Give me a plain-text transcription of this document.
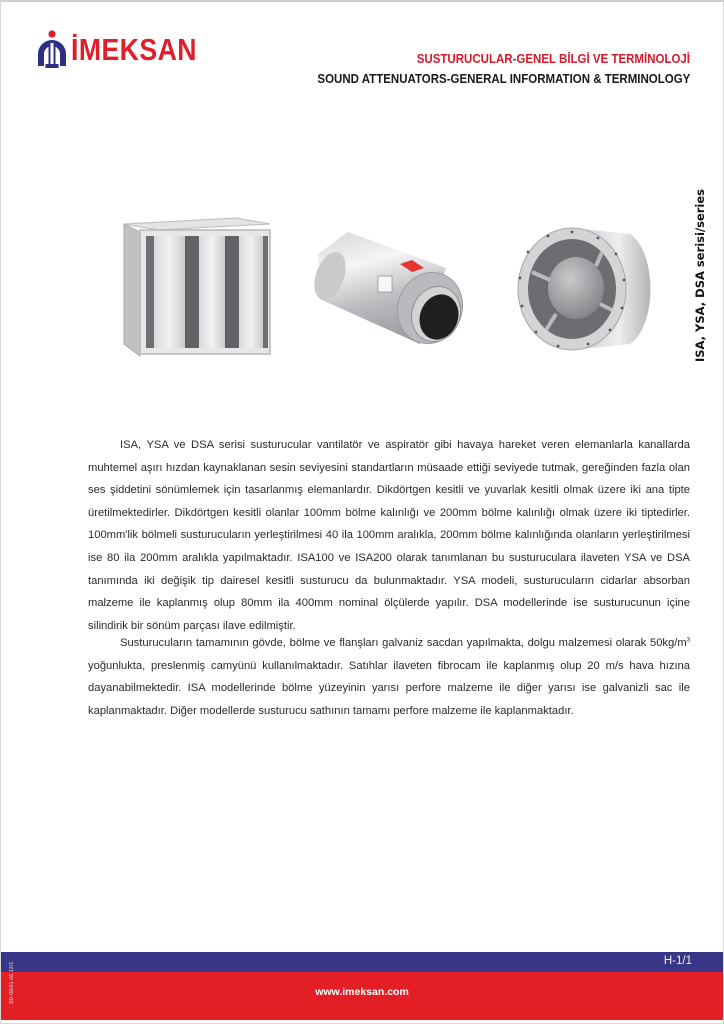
İMEKSAN	SUSTURUCULAR-GENEL BİLGİ VE TERMİNOLOJİ
SOUND ATTENUATORS-GENERAL INFORMATION & TERMINOLOGY
ISA, YSA, DSA serisi/series

ISA, YSA ve DSA serisi susturucular vantilatör ve aspiratör gibi havaya hareket veren elemanlarla kanallarda muhtemel aşırı hızdan kaynaklanan sesin seviyesini standartların müsaade ettiği seviyede tutmak, gereğinden fazla olan ses şiddetini sönümlemek için tasarlanmış elemanlardır. Dikdörtgen kesitli ve yuvarlak kesitli olmak üzere iki ana tipte üretilmektedirler. Dikdörtgen kesitli olanlar 100mm bölme kalınlığı ve 200mm bölme kalınlığı olmak üzere iki tiptedirler. 100mm'lik bölmeli susturucuların yerleştirilmesi 40 ila 100mm aralıkla, 200mm bölme kalınlığında olanların yerleştirilmesi ise 80 ila 200mm aralıkla yapılmaktadır. ISA100 ve ISA200 olarak tanımlanan bu susturuculara ilaveten YSA ve DSA tanımında iki değişik tip dairesel kesitli susturucu da bulunmaktadır. YSA modeli, susturucuların cidarlar absorban malzeme ile kaplanmış olup 80mm ila 400mm nominal ölçülerde yapılır. DSA modellerinde ise susturucunun içine silindirik bir sönüm parçası ilave edilmiştir.

Susturucuların tamamının gövde, bölme ve flanşları galvaniz sacdan yapılmakta, dolgu malzemesi olarak $50kg/m^3$ yoğunlukta, preslenmiş camyünü kullanılmaktadır. Satıhlar ilaveten fibrocam ile kaplanmış olup 20 m/s hava hızına dayanabilmektedir. ISA modellerinde bölme yüzeyinin yarısı perfore malzeme ile diğer yarısı ise galvanizli sac ile kaplanmaktadır. Diğer modellerde susturucu sathının tamamı perfore malzeme ile kaplanmaktadır.

H-1/1
www.imeksan.com
SD-06/01 06.12/1
